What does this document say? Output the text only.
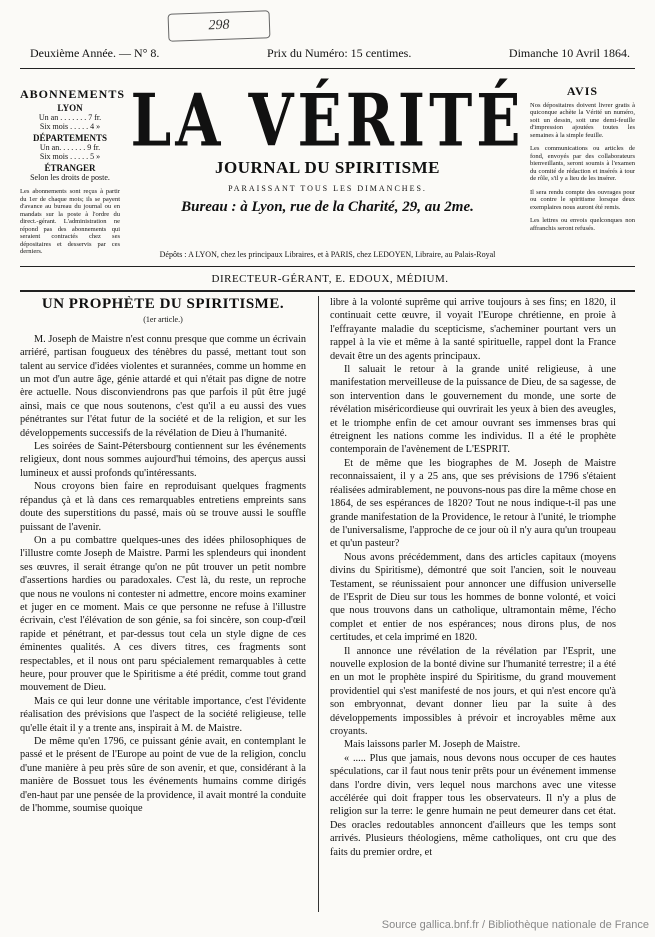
298
Deuxième Année. — N° 8.	Prix du Numéro: 15 centimes.	Dimanche 10 Avril 1864.
ABONNEMENTS
LYON
Un an . . . . . . . 7 fr.
Six mois . . . . . 4 »
DÉPARTEMENTS
Un an. . . . . . . 9 fr.
Six mois . . . . . 5 »
ÉTRANGER
Selon les droits de poste.
Les abonnements sont reçus à partir du 1er de chaque mois; ils se payent d'avance au bureau du journal ou en mandats sur la poste à l'ordre du direct.-gérant. L'administration ne répond pas des abonnements qui seraient contractés chez ses dépositaires et desservis par ces derniers.
LA VÉRITÉ
JOURNAL DU SPIRITISME
PARAISSANT TOUS LES DIMANCHES.
Bureau : à Lyon, rue de la Charité, 29, au 2me.
AVIS

Nos dépositaires doivent livrer gratis à quiconque achète la Vérité un numéro, soit un dessin, soit une demi-feuille d'impression ajoutées toutes les semaines à la simple feuille.

Les communications ou articles de fond, envoyés par des collaborateurs bienveillants, seront soumis à l'examen du comité de rédaction et insérés à tour de rôle, s'il y a lieu de les insérer.

Il sera rendu compte des ouvrages pour ou contre le spiritisme lorsque deux exemplaires nous auront été remis.

Les lettres ou envois quelconques non affranchis seront refusés.

Dépôts : A LYON, chez les principaux Libraires, et à PARIS, chez LEDOYEN, Libraire, au Palais-Royal
DIRECTEUR-GÉRANT, E. EDOUX, MÉDIUM.
UN PROPHÈTE DU SPIRITISME.
(1er article.)

M. Joseph de Maistre n'est connu presque que comme un écrivain arriéré, partisan fougueux des ténèbres du passé, mettant tout son talent au service d'idées violentes et surannées, comme un homme en un mot d'un autre âge, génie attardé et qui n'était pas digne de notre ère actuelle. Nous disconviendrons pas que parfois il pût être jugé ainsi, mais ce que nous soutenons, c'est qu'il a eu aussi des vues pénétrantes sur l'état futur de la société et de la religion, et sur les développements successifs de la révélation de Dieu à l'humanité.

Les soirées de Saint-Pétersbourg contiennent sur les événements religieux, dont nous sommes aujourd'hui témoins, des aperçus aussi lumineux et aussi profonds qu'intéressants.

Nous croyons bien faire en reproduisant quelques fragments répandus çà et là dans ces remarquables entretiens empreints sans doute des superstitions du passé, mais où se trouve aussi le souffle puissant de l'avenir.

On a pu combattre quelques-unes des idées philosophiques de l'illustre comte Joseph de Maistre. Parmi les splendeurs qui inondent ses œuvres, il serait étrange qu'on ne pût trouver un petit nombre d'assertions hardies ou paradoxales. C'est là, du reste, un reproche que nous ne voulons ni contester ni admettre, encore moins examiner et juger en ce moment. Mais ce que personne ne refuse à l'illustre écrivain, c'est l'élévation de son génie, sa foi sincère, son coup-d'œil rapide et pénétrant, et par-dessus tout cela un style digne de ces éminentes qualités. A ces divers titres, ces fragments sont respectables, et il nous ont paru spécialement remarquables à cette heure, pour prouver que le Spiritisme a été prédit, comme tout grand mouvement de Dieu.

Mais ce qui leur donne une véritable importance, c'est l'évidente réalisation des prévisions que l'aspect de la société religieuse, telle qu'elle était il y a trente ans, inspirait à M. de Maistre.

De même qu'en 1796, ce puissant génie avait, en contemplant le passé et le présent de l'Europe au point de vue de la religion, conclu d'une manière à peu près sûre de son avenir, et que, considérant à la manière de Bossuet tous les événements humains comme dirigés d'en-haut par une pensée de la providence, il avait montré la conduite de l'homme, soumise quoique

libre à la volonté suprême qui arrive toujours à ses fins; en 1820, il continuait cette œuvre, il voyait l'Europe chrétienne, en proie à l'effrayante maladie du scepticisme, s'acheminer pourtant vers un rappel à la vie et même à la santé spirituelle, rappel dont la France devait être un des agents principaux.

Il saluait le retour à la grande unité religieuse, à une manifestation merveilleuse de la puissance de Dieu, de sa sagesse, de son intervention dans le gouvernement du monde, une sorte de révélation miséricordieuse qui ouvrirait les yeux à bien des aveugles, et le triomphe enfin de cet amour ouvrant ses immenses bras qui étreignent les nations comme les individus. Il a été le prophète contemporain de l'avènement de L'ESPRIT.

Et de même que les biographes de M. Joseph de Maistre reconnaissaient, il y a 25 ans, que ses prévisions de 1796 s'étaient réalisées admirablement, ne pouvons-nous pas dire la même chose en 1864, de ses espérances de 1820? Tout ne nous indique-t-il pas une grande manifestation de la Providence, le retour à l'unité, le triomphe de l'universalisme, l'approche de ce jour où il n'y aura qu'un troupeau et qu'un pasteur?

Nous avons précédemment, dans des articles capitaux (moyens divins du Spiritisme), démontré que soit l'ancien, soit le nouveau Testament, se réunissaient pour annoncer une diffusion universelle de l'Esprit de Dieu sur tous les hommes de bonne volonté, et voici que nous trouvons dans un catholique, ultramontain même, l'écho complet et entier de nos espérances; nous dirons plus, de nos certitudes, et cela imprimé en 1820.

Il annonce une révélation de la révélation par l'Esprit, une nouvelle explosion de la bonté divine sur l'humanité terrestre; il a été en un mot le prophète inspiré du Spiritisme, du grand mouvement providentiel qui s'est manifesté de nos jours, et qui n'est encore qu'à son embryonnat, devant donner lieu par la suite à des développements impossibles à prévoir et incroyables même aux croyants.

Mais laissons parler M. Joseph de Maistre.

« ..... Plus que jamais, nous devons nous occuper de ces hautes spéculations, car il faut nous tenir prêts pour un événement immense dans l'ordre divin, vers lequel nous marchons avec une vitesse accélérée qui doit frapper tous les observateurs. Il n'y a plus de religion sur la terre: le genre humain ne peut demeurer dans cet état. Des oracles redoutables annoncent d'ailleurs que les temps sont arrivés. Plusieurs théologiens, même catholiques, ont cru que des faits du premier ordre, et

Source gallica.bnf.fr / Bibliothèque nationale de France
